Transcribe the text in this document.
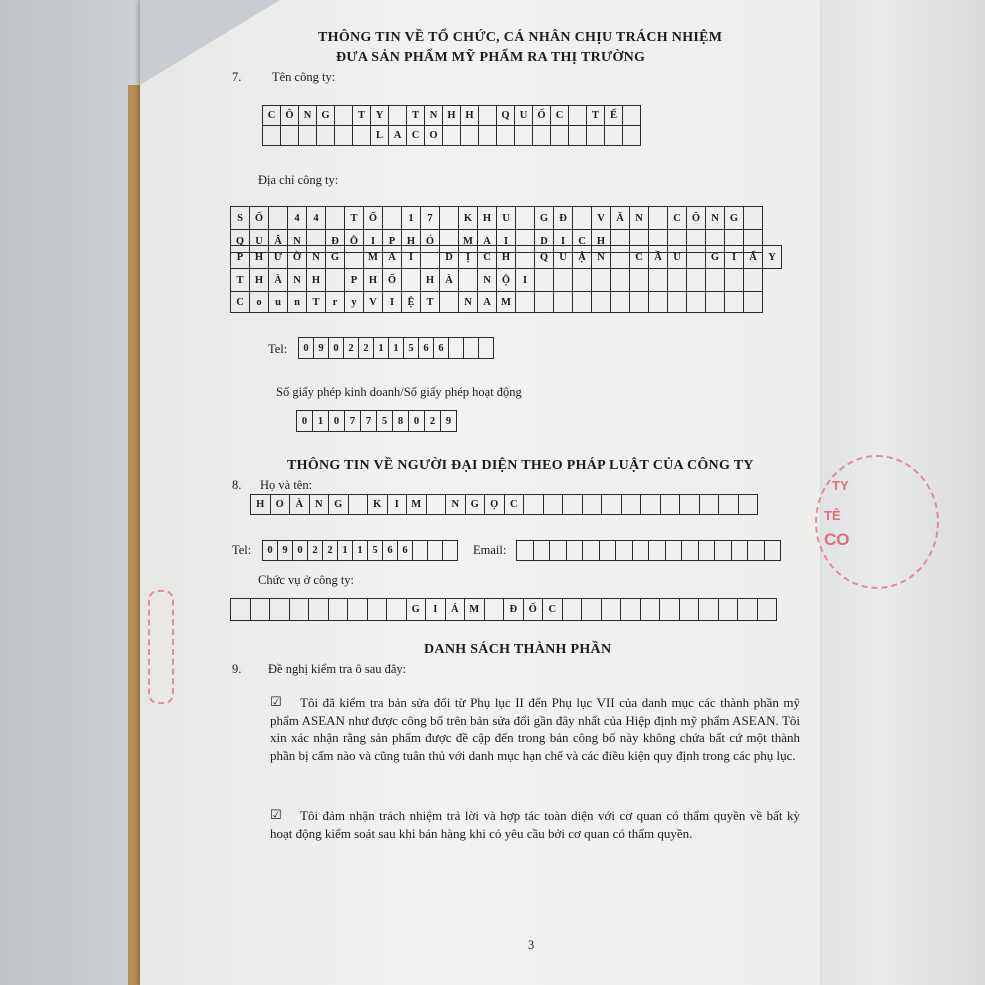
TY
TÊ
CO
THÔNG TIN VỀ TỔ CHỨC, CÁ NHÂN CHỊU TRÁCH NHIỆM
ĐƯA SẢN PHẨM MỸ PHẨM RA THỊ TRƯỜNG
7. Tên công ty:
C Ô N G	T	Y	T	N H H	Q U Ố C	T	Ế
L	A C O
Địa chỉ công ty:
S	Ố	4	4	T	Ổ	1	7	K	H	U	G	Đ	V	Ă	N	C	Ô	N	G
Q	U	Â	N	Đ	Ộ	I	P	H	Ó	M A	I	D	Ị	C	H
P	H	Ư	Ờ	N	G	M A	I	D	Ị	C	H	Q	U	Ậ	N	C	Ầ	U	G	I	Ấ	Y
T	H	À	N	H	P	H	Ố	H	À	N	Ộ	I
C	o	u	n	T	r	y	V	I	Ệ	T	N	A M
Tel:	0 9 0 2 2 1 1 5 6 6
Số giấy phép kinh doanh/Số giấy phép hoạt động
0	1	0	7	7	5	8	0	2	9
THÔNG TIN VỀ NGƯỜI ĐẠI DIỆN THEO PHÁP LUẬT CỦA CÔNG TY
8. Họ và tên:
H	O	À	N	G	K	I	M	N	G	Ọ	C
Tel:	0 9 0 2 2 1 1 5 6 6	Email:
Chức vụ ở công ty:
G	I	Á	M	Đ	Ố	C
DANH SÁCH THÀNH PHẦN
9. Đề nghị kiểm tra ô sau đây:
☑	Tôi đã kiểm tra bản sửa đổi từ Phụ lục II đến Phụ lục VII của danh mục các thành phần mỹ phẩm ASEAN như được công bố trên bản sửa đổi gần đây nhất của Hiệp định mỹ phẩm ASEAN. Tôi xin xác nhận rằng sản phẩm được đề cập đến trong bản công bố này không chứa bất cứ một thành phần bị cấm nào và cũng tuân thủ với danh mục hạn chế và các điều kiện quy định trong các phụ lục.
☑	Tôi đảm nhận trách nhiệm trả lời và hợp tác toàn diện với cơ quan có thẩm quyền về bất kỳ hoạt động kiểm soát sau khi bán hàng khi có yêu cầu bởi cơ quan có thẩm quyền.
3
